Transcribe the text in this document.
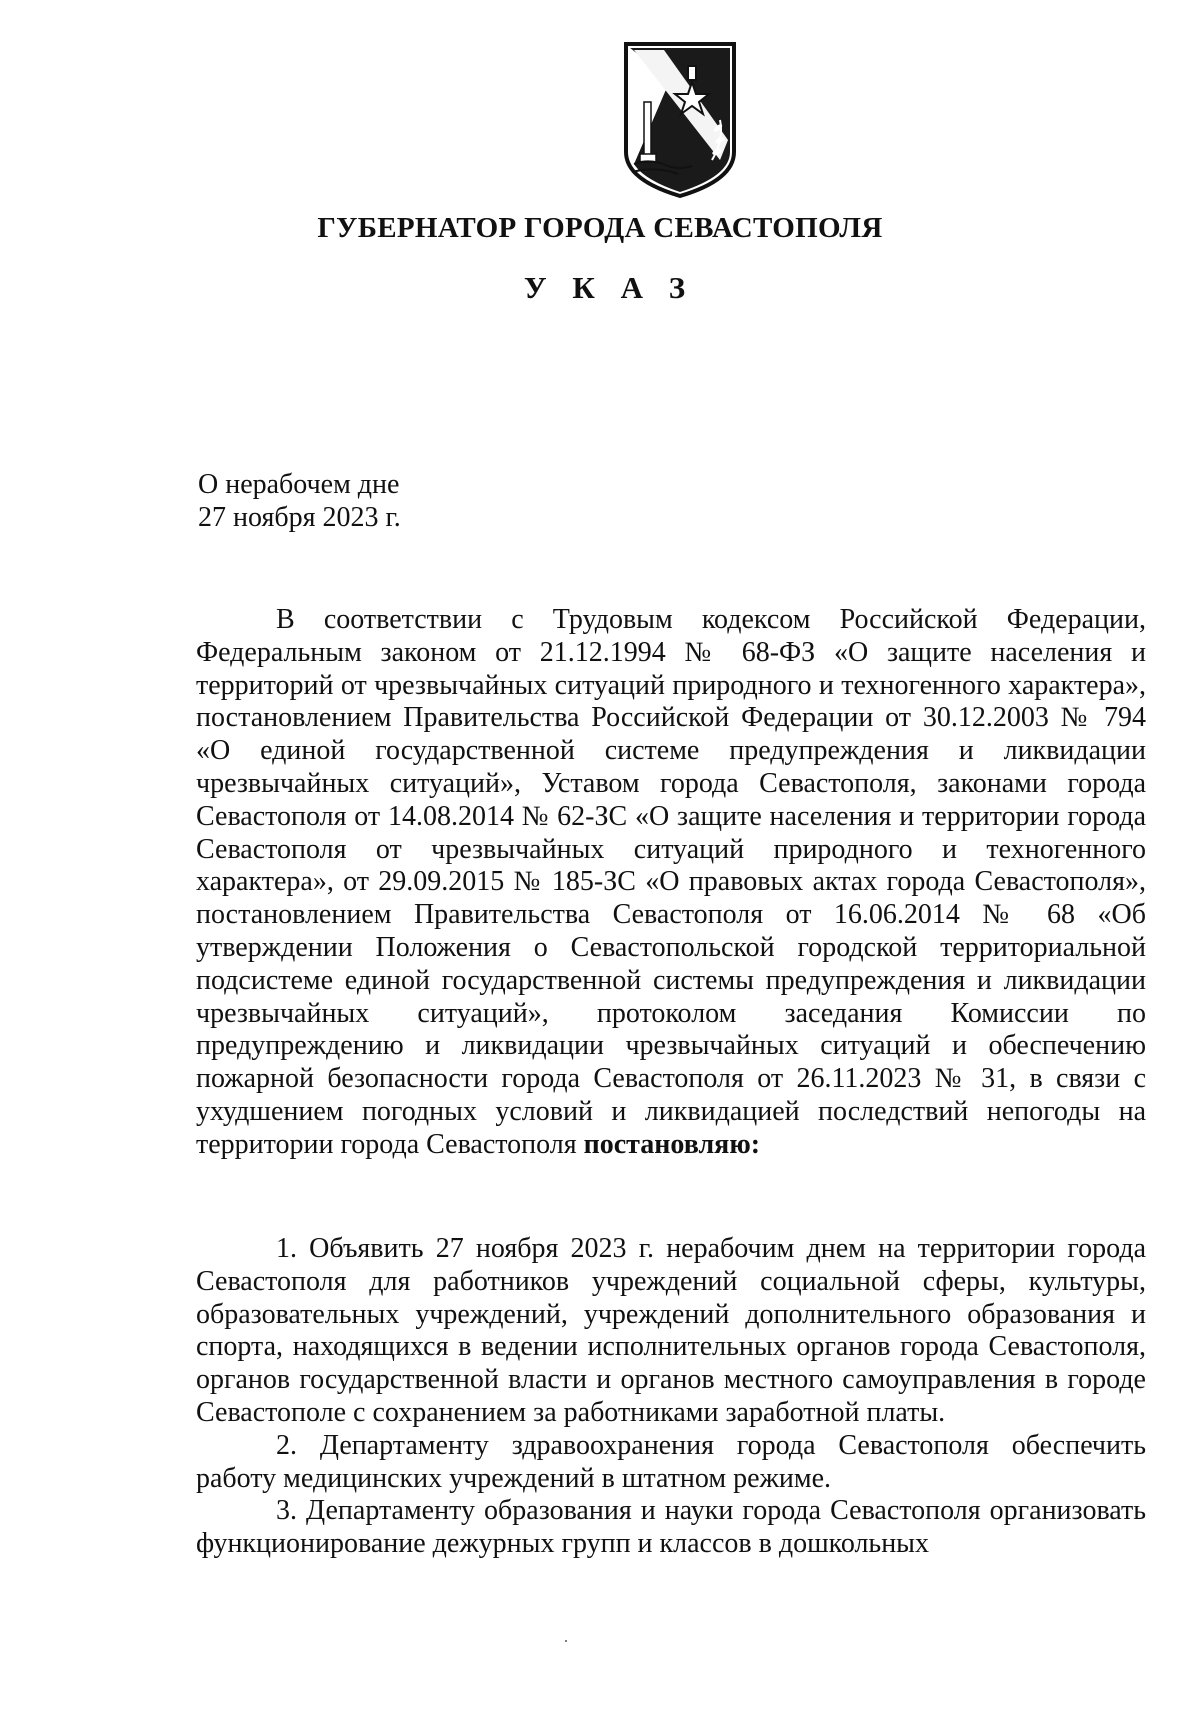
ГУБЕРНАТОР ГОРОДА СЕВАСТОПОЛЯ
У К А З
О нерабочем дне
27 ноября 2023 г.
В соответствии с Трудовым кодексом Российской Федерации, Федеральным законом от 21.12.1994 № 68-ФЗ «О защите населения и территорий от чрезвычайных ситуаций природного и техногенного характера», постановлением Правительства Российской Федерации от 30.12.2003 № 794 «О единой государственной системе предупреждения и ликвидации чрезвычайных ситуаций», Уставом города Севастополя, законами города Севастополя от 14.08.2014 № 62-ЗС «О защите населения и территории города Севастополя от чрезвычайных ситуаций природного и техногенного характера», от 29.09.2015 № 185-ЗС «О правовых актах города Севастополя», постановлением Правительства Севастополя от 16.06.2014 № 68 «Об утверждении Положения о Севастопольской городской территориальной подсистеме единой государственной системы предупреждения и ликвидации чрезвычайных ситуаций», протоколом заседания Комиссии по предупреждению и ликвидации чрезвычайных ситуаций и обеспечению пожарной безопасности города Севастополя от 26.11.2023 № 31, в связи с ухудшением погодных условий и ликвидацией последствий непогоды на территории города Севастополя постановляю:

1. Объявить 27 ноября 2023 г. нерабочим днем на территории города Севастополя для работников учреждений социальной сферы, культуры, образовательных учреждений, учреждений дополнительного образования и спорта, находящихся в ведении исполнительных органов города Севастополя, органов государственной власти и органов местного самоуправления в городе Севастополе с сохранением за работниками заработной платы.

2. Департаменту здравоохранения города Севастополя обеспечить работу медицинских учреждений в штатном режиме.

3. Департаменту образования и науки города Севастополя организовать функционирование дежурных групп и классов в дошкольных
